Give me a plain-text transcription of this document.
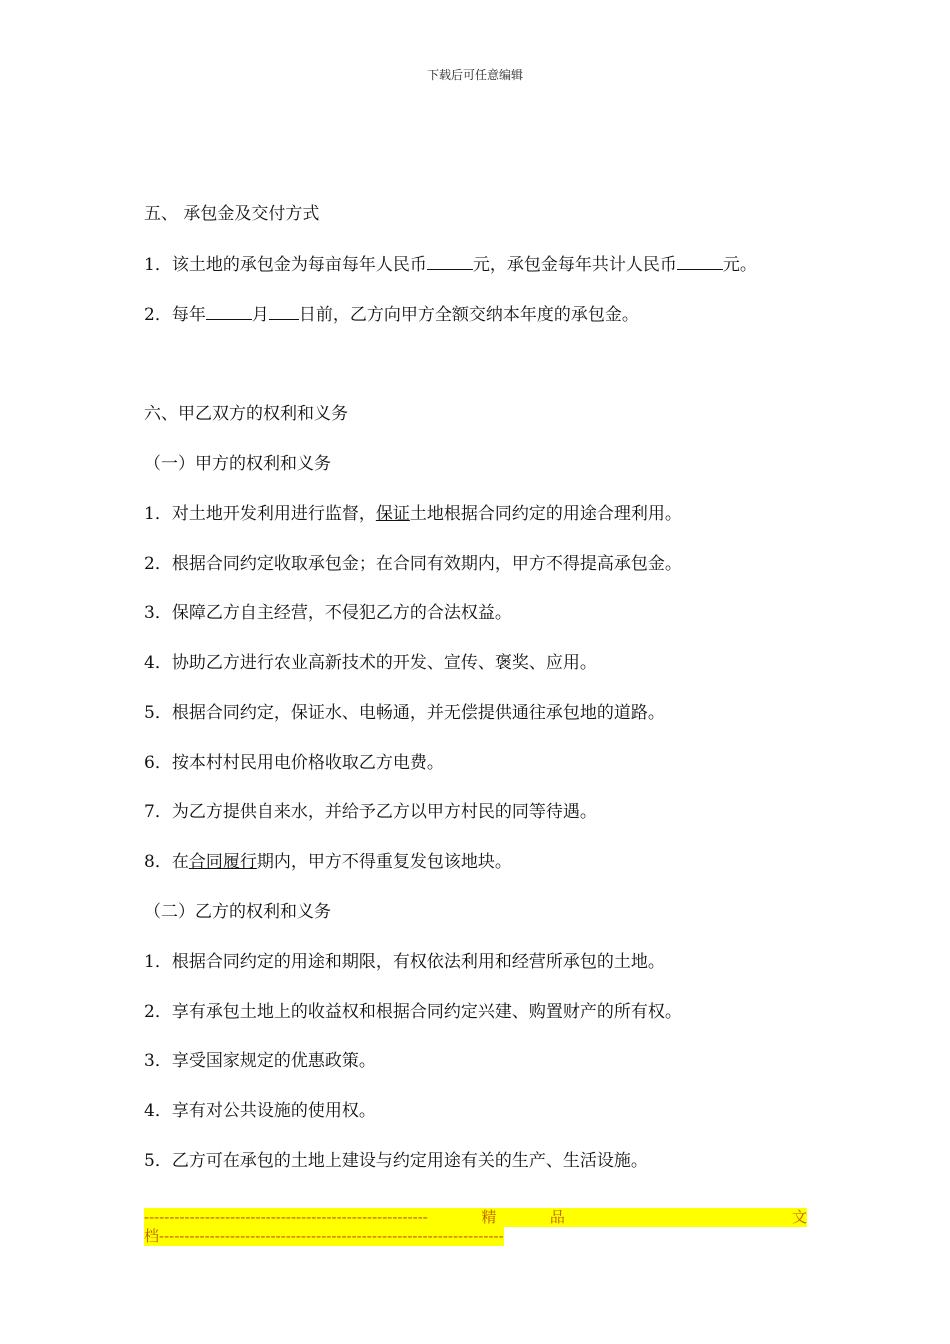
下载后可任意编辑
五、 承包金及交付方式
1．该土地的承包金为每亩每年人民币	元，承包金每年共计人民币	元。
2．每年	月 日前，乙方向甲方全额交纳本年度的承包金。
六、甲乙双方的权利和义务
（一）甲方的权利和义务
1．对土地开发利用进行监督，保证土地根据合同约定的用途合理利用。
2．根据合同约定收取承包金；在合同有效期内，甲方不得提高承包金。
3．保障乙方自主经营，不侵犯乙方的合法权益。
4．协助乙方进行农业高新技术的开发、宣传、褒奖、应用。
5．根据合同约定，保证水、电畅通，并无偿提供通往承包地的道路。
6．按本村村民用电价格收取乙方电费。
7．为乙方提供自来水，并给予乙方以甲方村民的同等待遇。
8．在合同履行期内，甲方不得重复发包该地块。
（二）乙方的权利和义务
1．根据合同约定的用途和期限，有权依法利用和经营所承包的土地。
2．享有承包土地上的收益权和根据合同约定兴建、购置财产的所有权。
3．享受国家规定的优惠政策。
4．享有对公共设施的使用权。
5．乙方可在承包的土地上建设与约定用途有关的生产、生活设施。
--------------------------------------------------------	精	品	文
档--------------------------------------------------------------------
